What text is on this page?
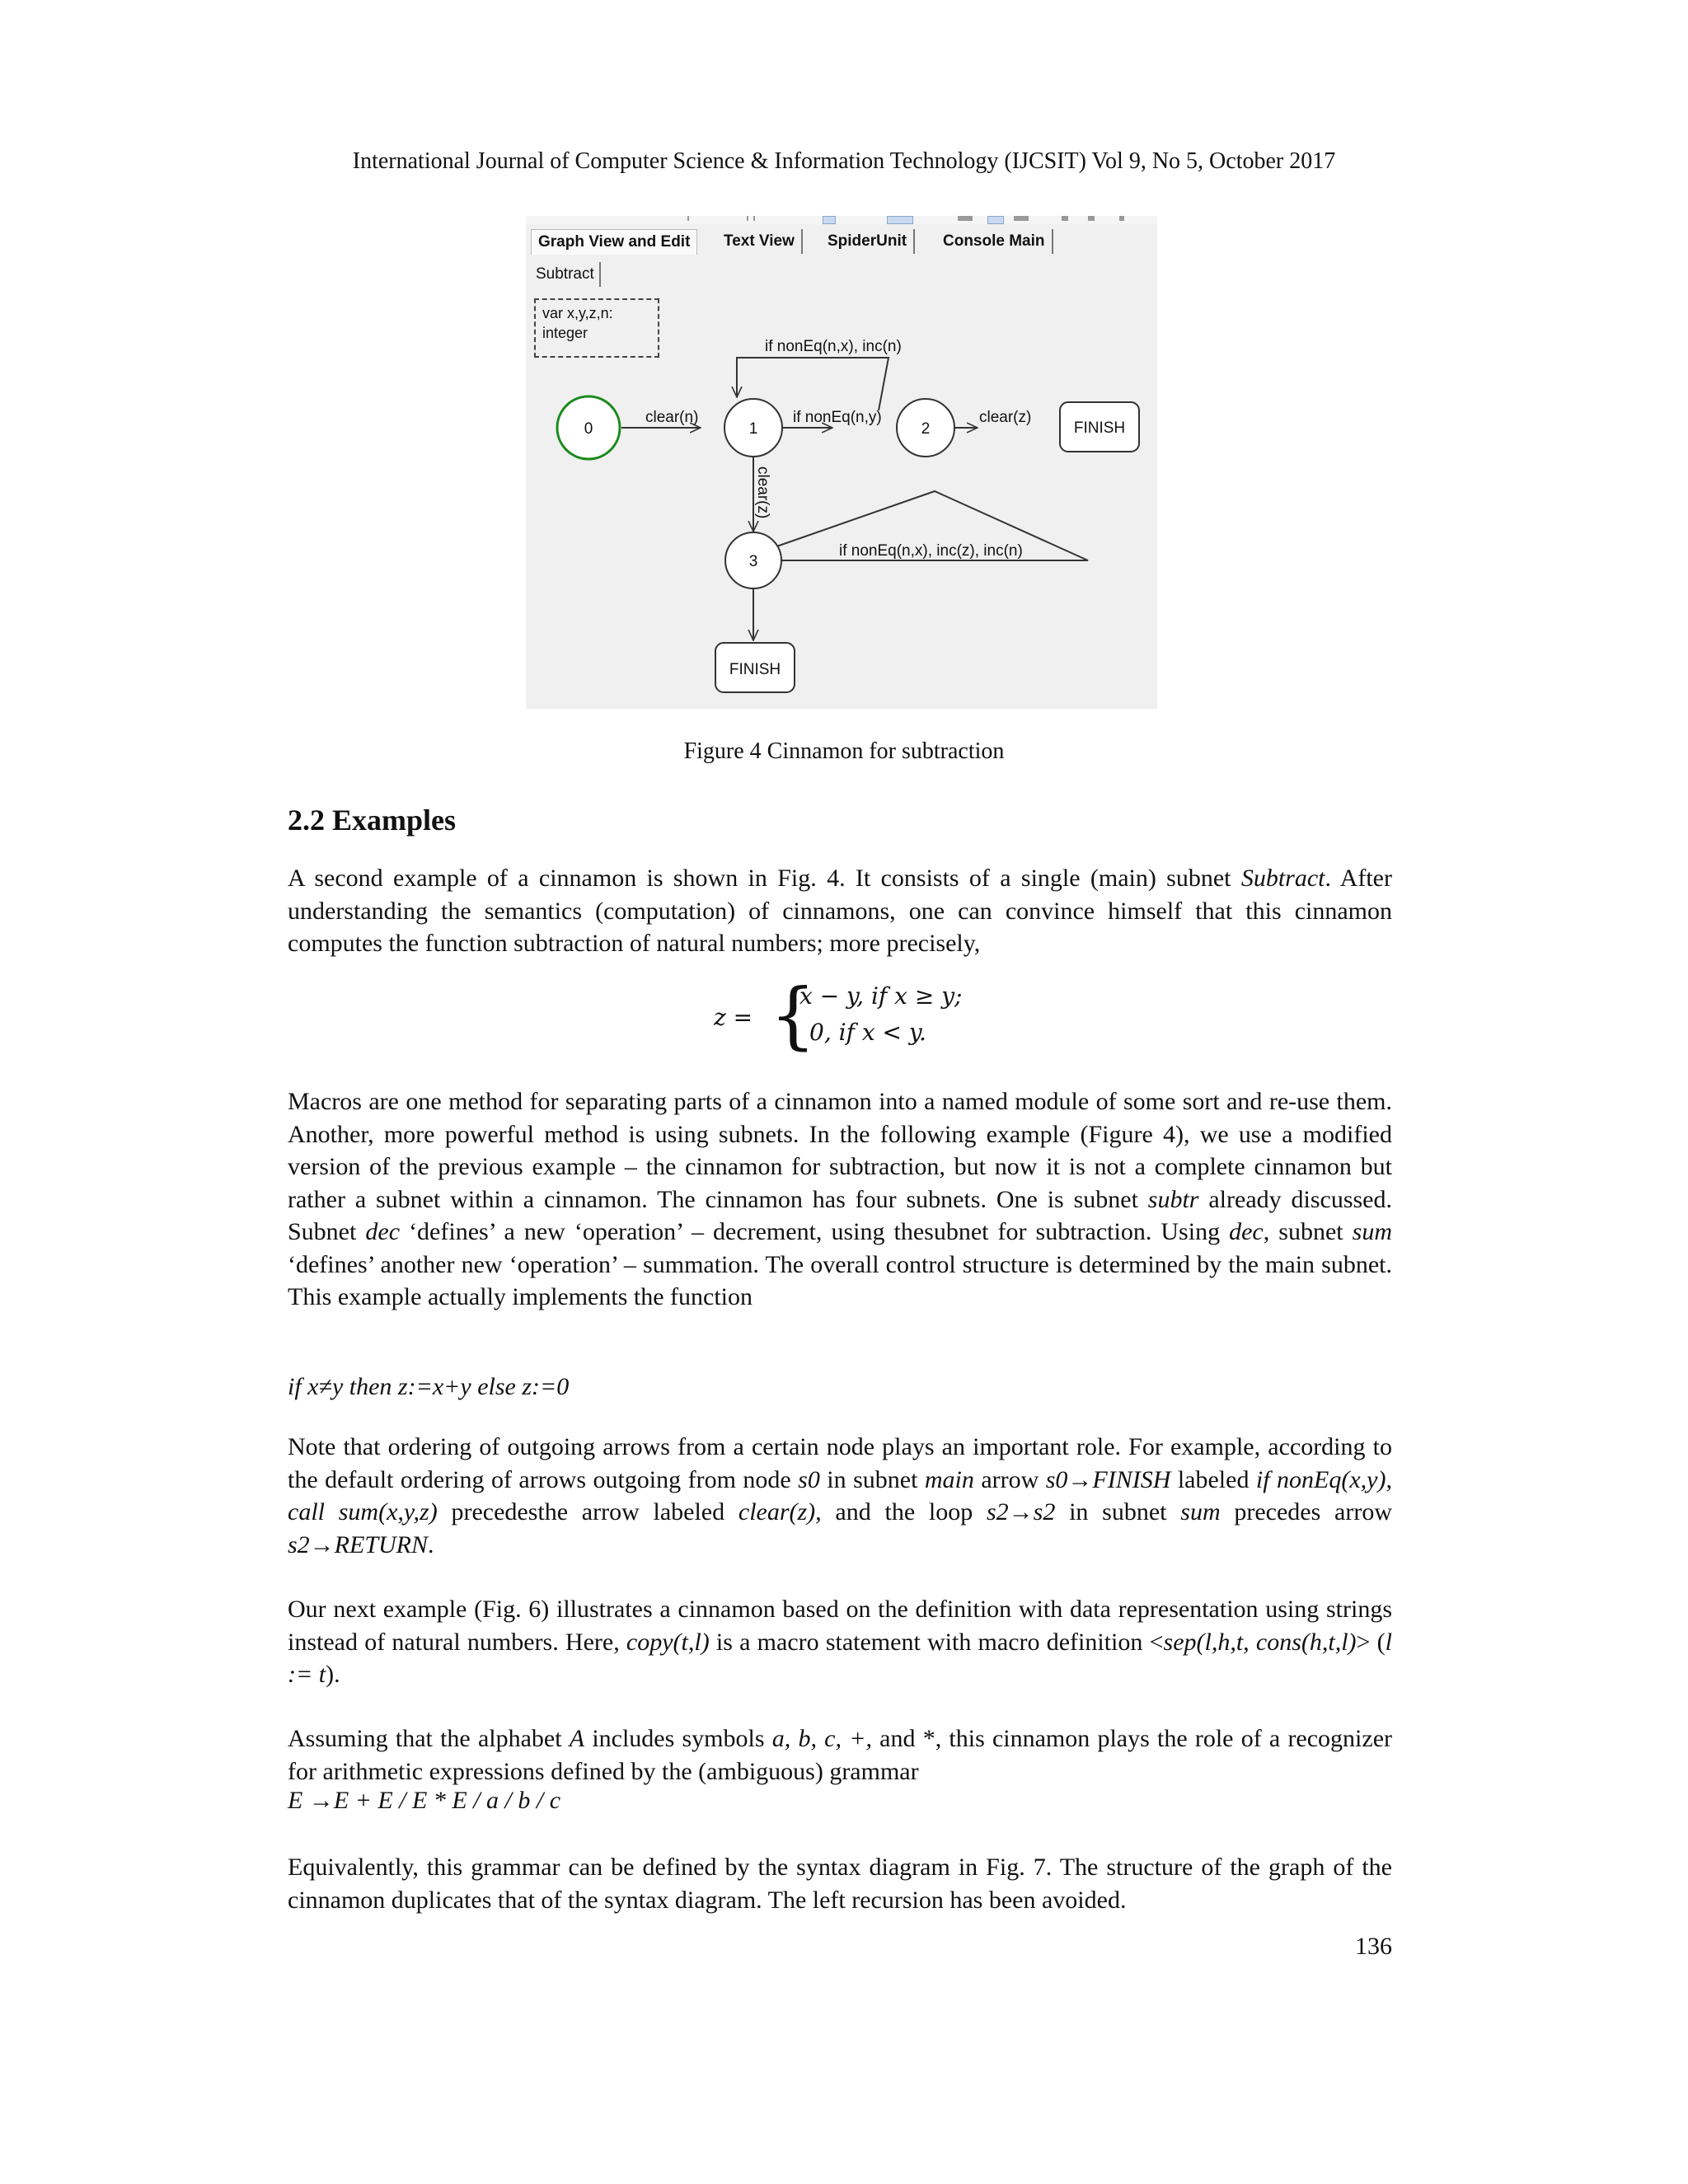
International Journal of Computer Science & Information Technology (IJCSIT) Vol 9, No 5, October 2017
Graph View and Edit	Text View	SpiderUnit	Console Main
Subtract
var x,y,z,n:
integer
0	1	2
3
FINISH
FINISH
clear(n)	if nonEq(n,y)	clear(z)
if nonEq(n,x), inc(n)
clear(z)
if nonEq(n,x), inc(z), inc(n)
Figure 4 Cinnamon for subtraction
2.2 Examples

A second example of a cinnamon is shown in Fig. 4. It consists of a single (main) subnet Subtract. After understanding the semantics (computation) of cinnamons, one can convince himself that this cinnamon computes the function subtraction of natural numbers; more precisely,

z = {
x − y, if x ≥ y;
0, if x < y.

Macros are one method for separating parts of a cinnamon into a named module of some sort and re-use them. Another, more powerful method is using subnets. In the following example (Figure 4), we use a modified version of the previous example – the cinnamon for subtraction, but now it is not a complete cinnamon but rather a subnet within a cinnamon. The cinnamon has four subnets. One is subnet subtr already discussed. Subnet dec ‘defines’ a new ‘operation’ – decrement, using thesubnet for subtraction. Using dec, subnet sum ‘defines’ another new ‘operation’ – summation. The overall control structure is determined by the main subnet. This example actually implements the function

if x≠y then z:=x+y else z:=0

Note that ordering of outgoing arrows from a certain node plays an important role. For example, according to the default ordering of arrows outgoing from node s0 in subnet main arrow s0→FINISH labeled if nonEq(x,y), call sum(x,y,z) precedesthe arrow labeled clear(z), and the loop s2→s2 in subnet sum precedes arrow s2→RETURN.

Our next example (Fig. 6) illustrates a cinnamon based on the definition with data representation using strings instead of natural numbers. Here, copy(t,l) is a macro statement with macro definition <sep(l,h,t, cons(h,t,l)> (l := t).

Assuming that the alphabet A includes symbols a, b, c, +, and *, this cinnamon plays the role of a recognizer for arithmetic expressions defined by the (ambiguous) grammar

E →E + E / E * E / a / b / c

Equivalently, this grammar can be defined by the syntax diagram in Fig. 7. The structure of the graph of the cinnamon duplicates that of the syntax diagram. The left recursion has been avoided.

136
